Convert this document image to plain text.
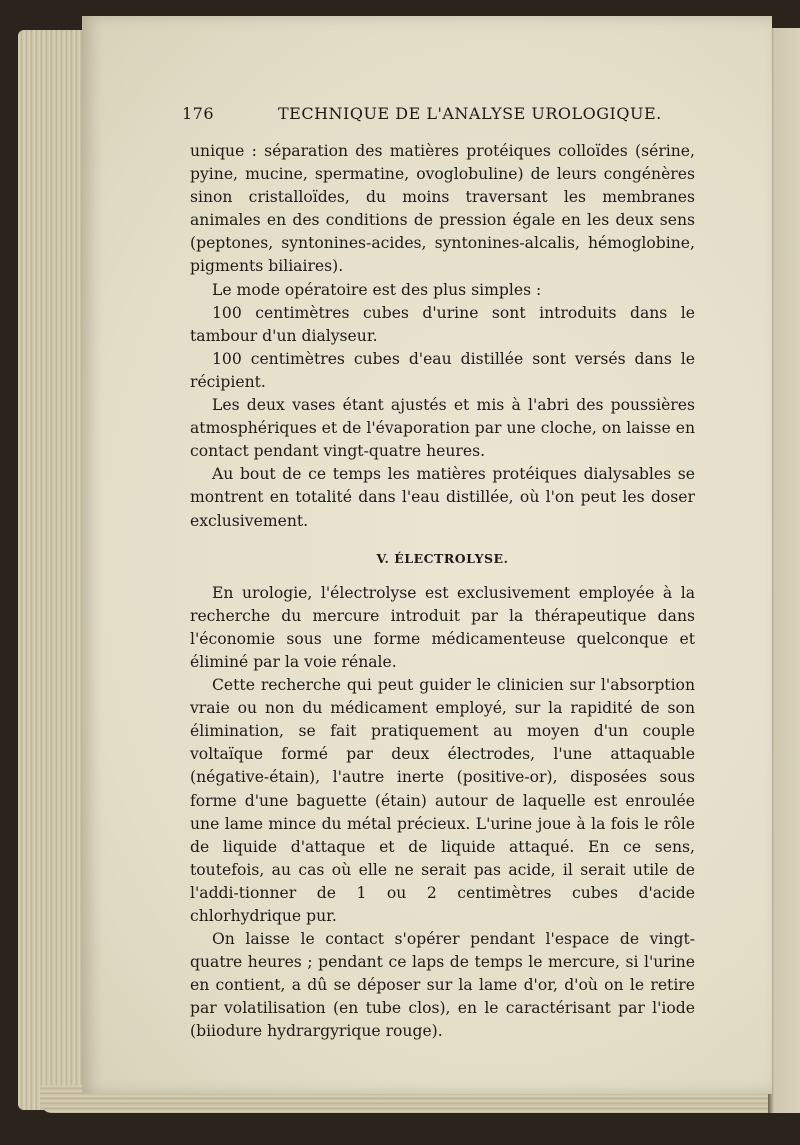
176	TECHNIQUE DE L'ANALYSE UROLOGIQUE.

unique : séparation des matières protéiques colloïdes (sérine, pyine, mucine, spermatine, ovoglobuline) de leurs congénères sinon cristalloïdes, du moins traversant les membranes animales en des conditions de pression égale en les deux sens (peptones, syntonines-acides, syntonines-alcalis, hémoglobine, pigments biliaires).

Le mode opératoire est des plus simples :

100 centimètres cubes d'urine sont introduits dans le tambour d'un dialyseur.

100 centimètres cubes d'eau distillée sont versés dans le récipient.

Les deux vases étant ajustés et mis à l'abri des poussières atmosphériques et de l'évaporation par une cloche, on laisse en contact pendant vingt-quatre heures.

Au bout de ce temps les matières protéiques dialysables se montrent en totalité dans l'eau distillée, où l'on peut les doser exclusivement.

V. ÉLECTROLYSE.

En urologie, l'électrolyse est exclusivement employée à la recherche du mercure introduit par la thérapeutique dans l'économie sous une forme médicamenteuse quelconque et éliminé par la voie rénale.

Cette recherche qui peut guider le clinicien sur l'absorption vraie ou non du médicament employé, sur la rapidité de son élimination, se fait pratiquement au moyen d'un couple voltaïque formé par deux électrodes, l'une attaquable (négative-étain), l'autre inerte (positive-or), disposées sous forme d'une baguette (étain) autour de laquelle est enroulée une lame mince du métal précieux. L'urine joue à la fois le rôle de liquide d'attaque et de liquide attaqué. En ce sens, toutefois, au cas où elle ne serait pas acide, il serait utile de l'addi-tionner de 1 ou 2 centimètres cubes d'acide chlorhydrique pur.

On laisse le contact s'opérer pendant l'espace de vingt-quatre heures ; pendant ce laps de temps le mercure, si l'urine en contient, a dû se déposer sur la lame d'or, d'où on le retire par volatilisation (en tube clos), en le caractérisant par l'iode (biiodure hydrargyrique rouge).
